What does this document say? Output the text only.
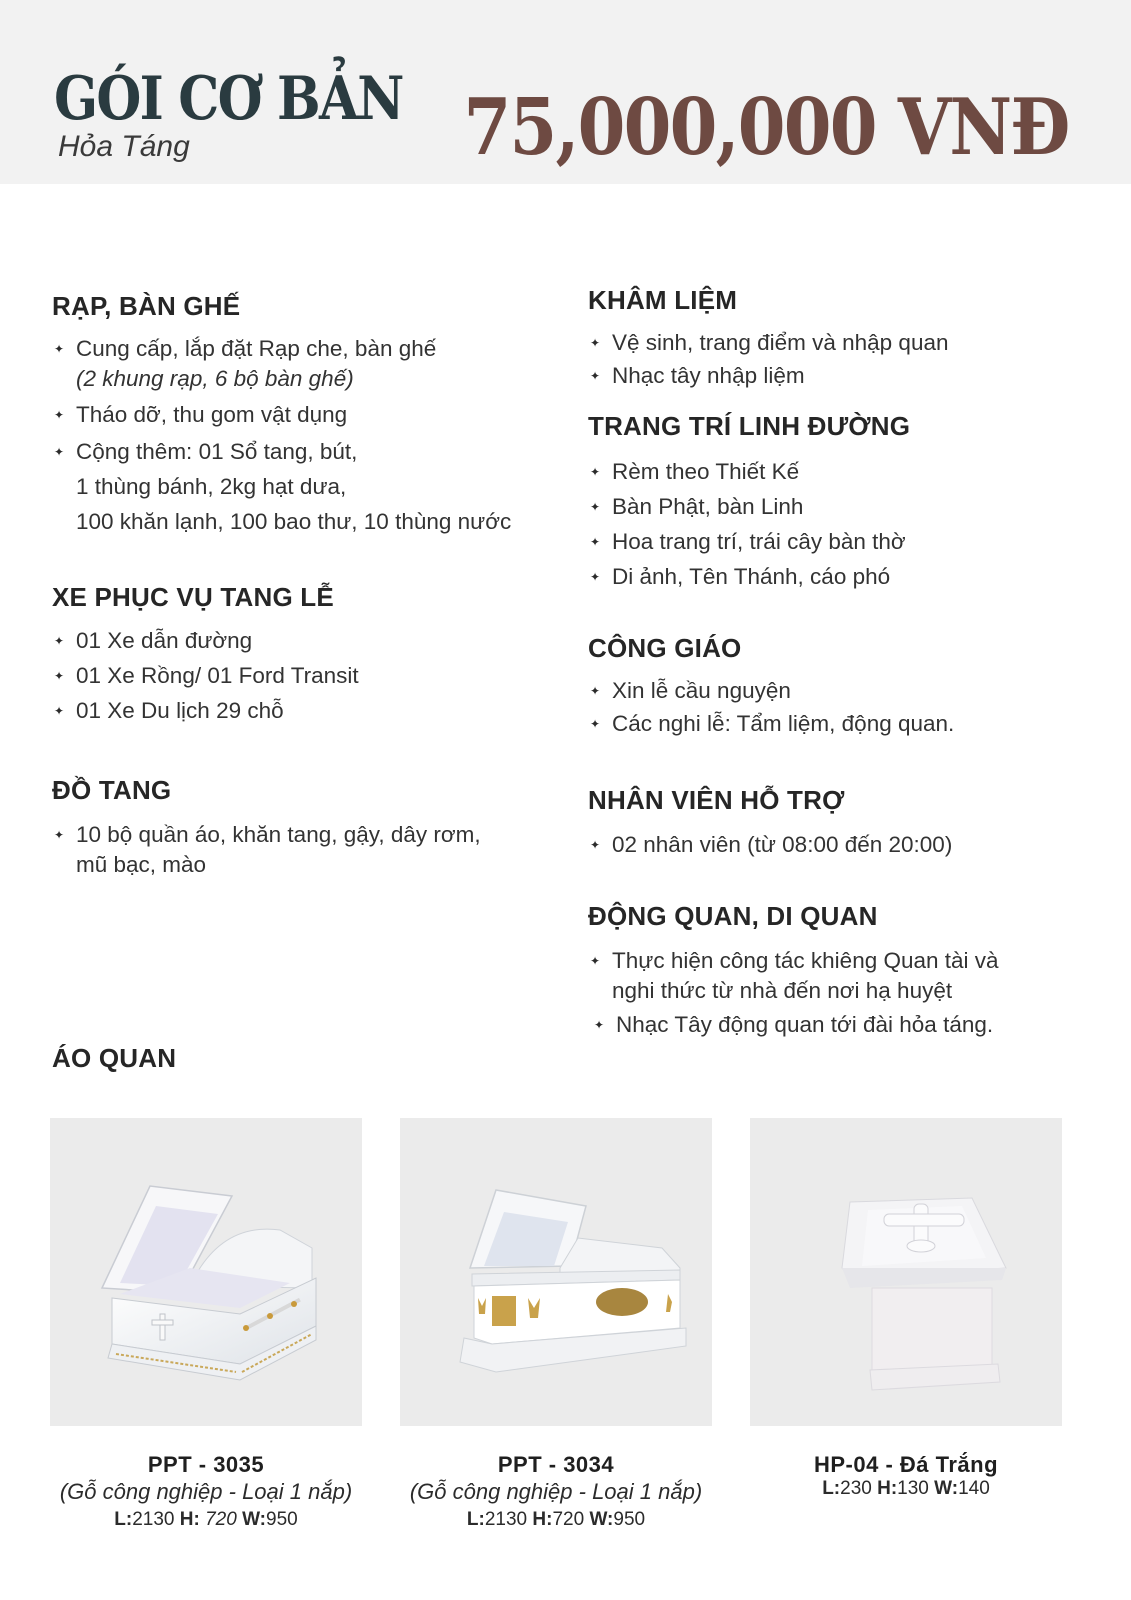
GÓI CƠ BẢN
Hỏa Táng	75,000,000 VNĐ
RẠP, BÀN GHẾ
✦ Cung cấp, lắp đặt Rạp che, bàn ghế
(2 khung rạp, 6 bộ bàn ghế)
✦ Tháo dỡ, thu gom vật dụng
✦ Cộng thêm: 01 Sổ tang, bút,
1 thùng bánh, 2kg hạt dưa,
100 khăn lạnh, 100 bao thư, 10 thùng nước
XE PHỤC VỤ TANG LỄ
✦ 01 Xe dẫn đường
✦ 01 Xe Rồng/ 01 Ford Transit
✦ 01 Xe Du lịch 29 chỗ
ĐỒ TANG
✦ 10 bộ quần áo, khăn tang, gậy, dây rơm,
mũ bạc, mào
KHÂM LIỆM
✦ Vệ sinh, trang điểm và nhập quan
✦ Nhạc tây nhập liệm
TRANG TRÍ LINH ĐƯỜNG
✦ Rèm theo Thiết Kế
✦ Bàn Phật, bàn Linh
✦ Hoa trang trí, trái cây bàn thờ
✦ Di ảnh, Tên Thánh, cáo phó
CÔNG GIÁO
✦ Xin lễ cầu nguyện
✦ Các nghi lễ: Tẩm liệm, động quan.
NHÂN VIÊN HỖ TRỢ
✦ 02 nhân viên (từ 08:00 đến 20:00)
ĐỘNG QUAN, DI QUAN
✦ Thực hiện công tác khiêng Quan tài và
nghi thức từ nhà đến nơi hạ huyệt
✦ Nhạc Tây động quan tới đài hỏa táng.
ÁO QUAN
PPT - 3035
(Gỗ công nghiệp - Loại 1 nắp)
L:2130 H: 720 W:950
PPT - 3034
(Gỗ công nghiệp - Loại 1 nắp)
L:2130 H:720 W:950
HP-04 - Đá Trắng
L:230 H:130 W:140
